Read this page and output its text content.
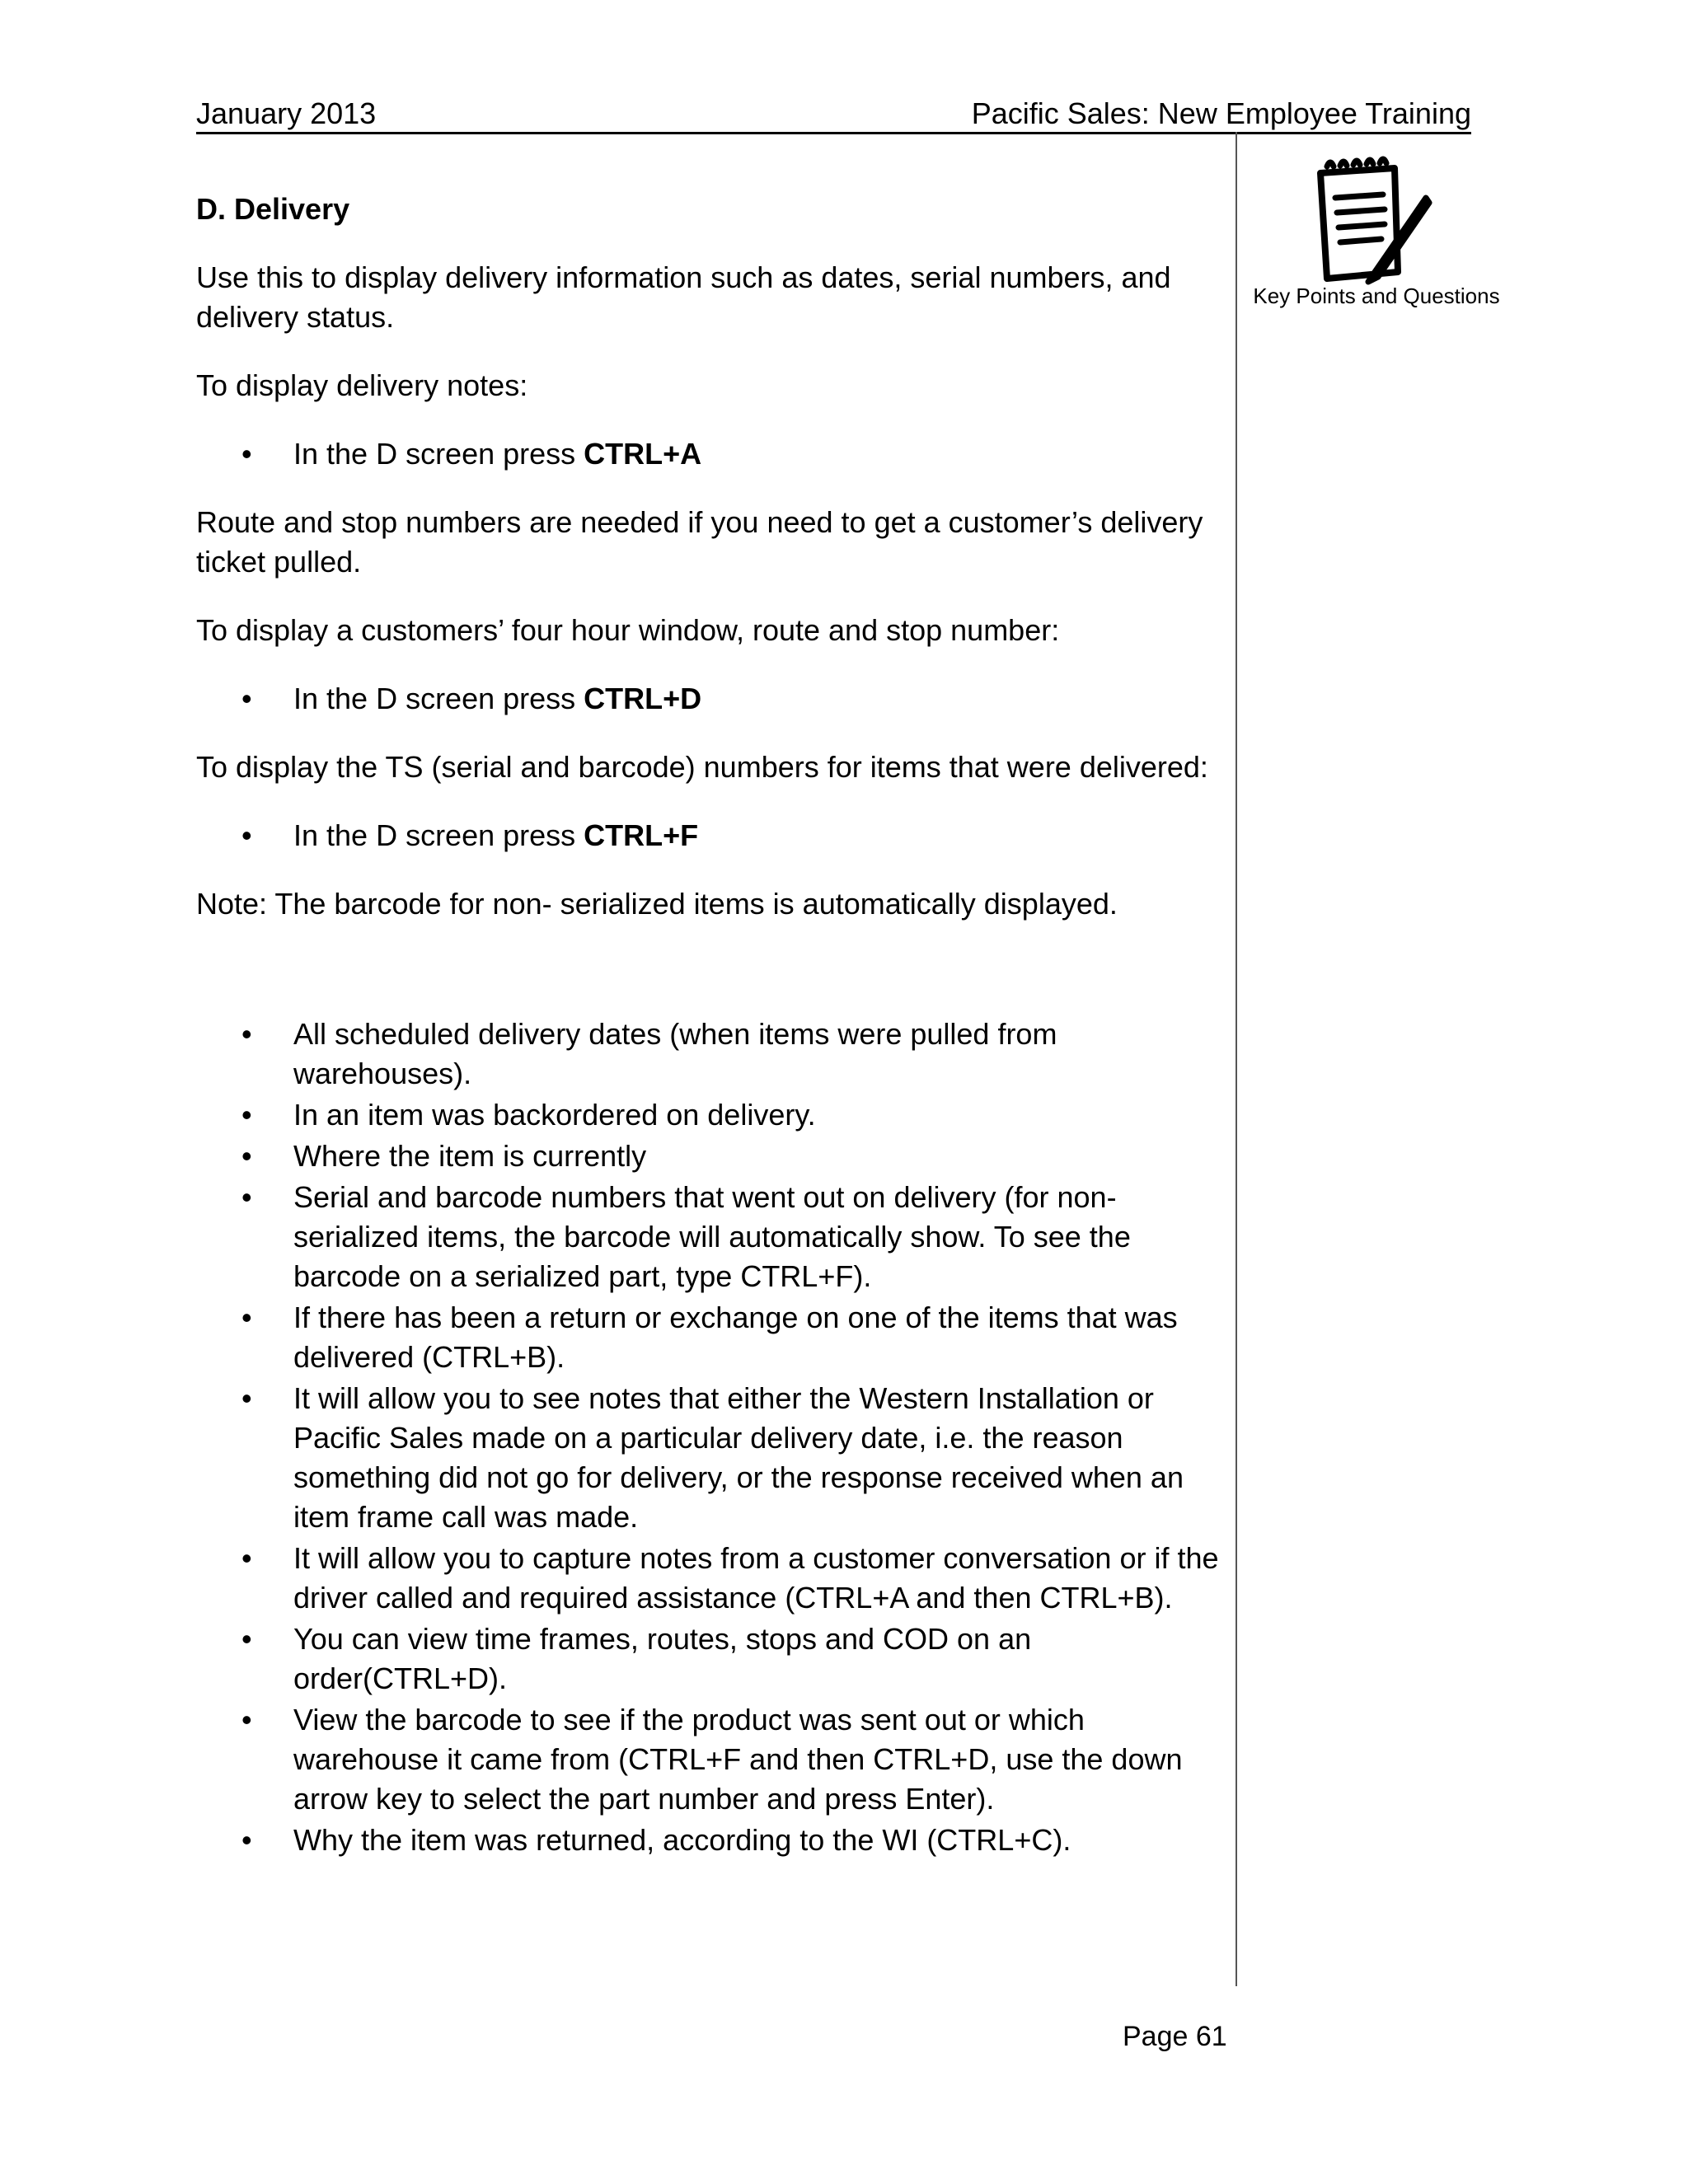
January 2013	Pacific Sales: New Employee Training
Key Points and Questions

D. Delivery

Use this to display delivery information such as dates, serial numbers, and delivery status.

To display delivery notes:

• In the D screen press CTRL+A

Route and stop numbers are needed if you need to get a customer’s delivery ticket pulled.

To display a customers’ four hour window, route and stop number:

• In the D screen press CTRL+D

To display the TS (serial and barcode) numbers for items that were delivered:

• In the D screen press CTRL+F

Note: The barcode for non- serialized items is automatically displayed.

• All scheduled delivery dates (when items were pulled from warehouses).
• In an item was backordered on delivery.
• Where the item is currently
• Serial and barcode numbers that went out on delivery (for non-serialized items, the barcode will automatically show. To see the barcode on a serialized part, type CTRL+F).
• If there has been a return or exchange on one of the items that was delivered (CTRL+B).
• It will allow you to see notes that either the Western Installation or Pacific Sales made on a particular delivery date, i.e. the reason something did not go for delivery, or the response received when an item frame call was made.
• It will allow you to capture notes from a customer conversation or if the driver called and required assistance (CTRL+A and then CTRL+B).
• You can view time frames, routes, stops and COD on an order(CTRL+D).
• View the barcode to see if the product was sent out or which warehouse it came from (CTRL+F and then CTRL+D, use the down arrow key to select the part number and press Enter).
• Why the item was returned, according to the WI (CTRL+C).
Page 61
